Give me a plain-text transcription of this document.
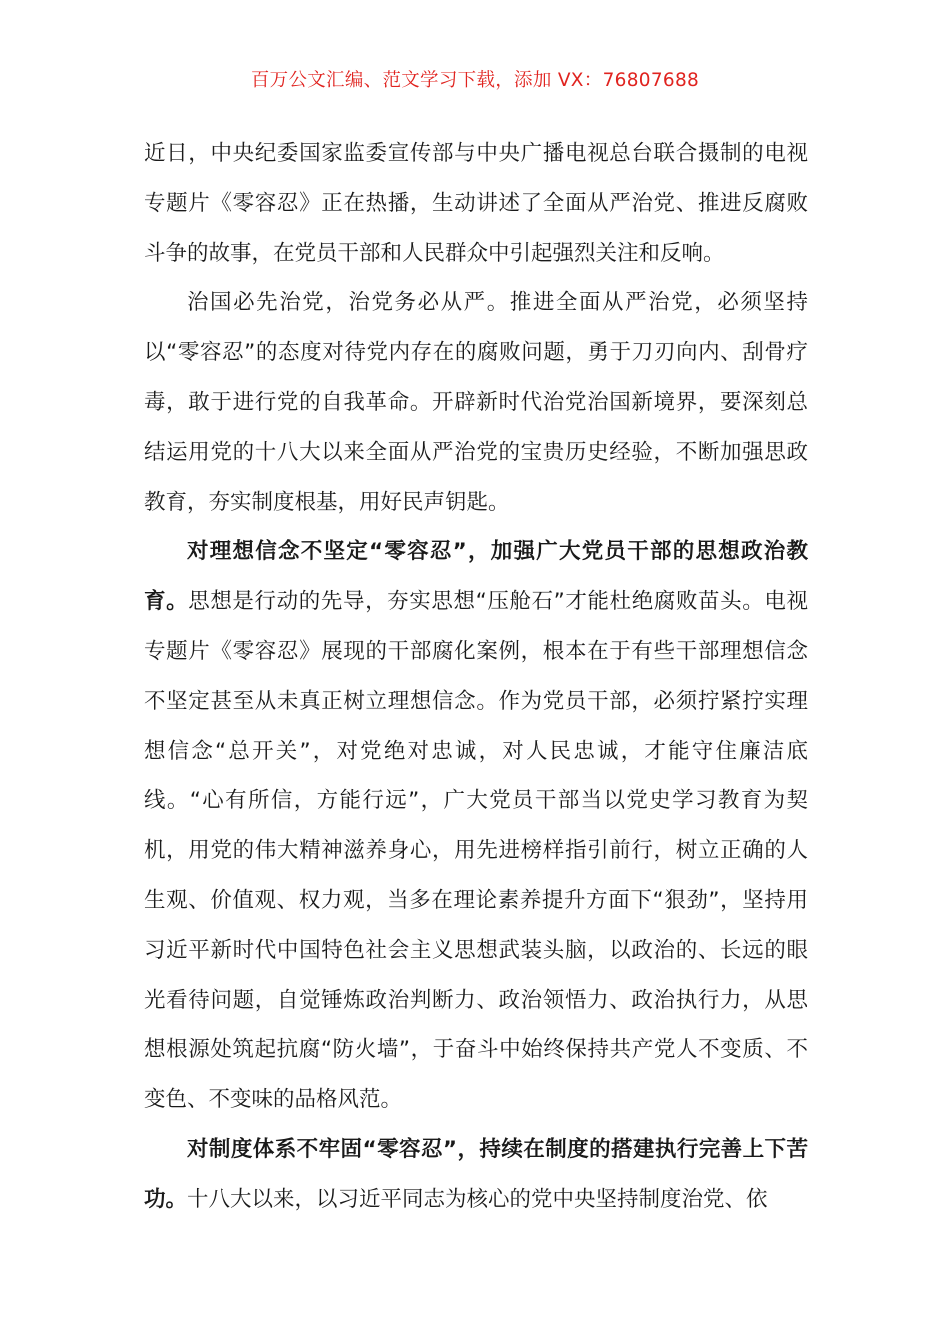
百万公文汇编、范文学习下载，添加 VX：76807688

近日，中央纪委国家监委宣传部与中央广播电视总台联合摄制的电视专题片《零容忍》正在热播，生动讲述了全面从严治党、推进反腐败斗争的故事，在党员干部和人民群众中引起强烈关注和反响。

治国必先治党，治党务必从严。推进全面从严治党，必须坚持以“零容忍”的态度对待党内存在的腐败问题，勇于刀刃向内、刮骨疗毒，敢于进行党的自我革命。开辟新时代治党治国新境界，要深刻总结运用党的十八大以来全面从严治党的宝贵历史经验，不断加强思政教育，夯实制度根基，用好民声钥匙。

对理想信念不坚定“零容忍”，加强广大党员干部的思想政治教育。思想是行动的先导，夯实思想“压舱石”才能杜绝腐败苗头。电视专题片《零容忍》展现的干部腐化案例，根本在于有些干部理想信念不坚定甚至从未真正树立理想信念。作为党员干部，必须拧紧拧实理想信念“总开关”，对党绝对忠诚，对人民忠诚，才能守住廉洁底线。“心有所信，方能行远”，广大党员干部当以党史学习教育为契机，用党的伟大精神滋养身心，用先进榜样指引前行，树立正确的人生观、价值观、权力观，当多在理论素养提升方面下“狠劲”，坚持用习近平新时代中国特色社会主义思想武装头脑，以政治的、长远的眼光看待问题，自觉锤炼政治判断力、政治领悟力、政治执行力，从思想根源处筑起抗腐“防火墙”，于奋斗中始终保持共产党人不变质、不变色、不变味的品格风范。

对制度体系不牢固“零容忍”，持续在制度的搭建执行完善上下苦功。十八大以来，以习近平同志为核心的党中央坚持制度治党、依
